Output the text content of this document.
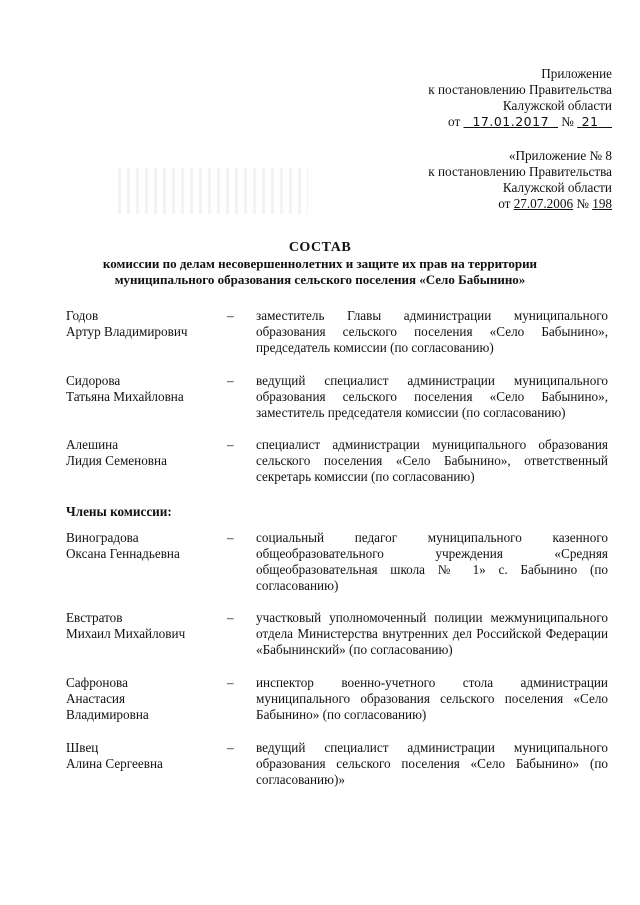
Приложение
к постановлению Правительства
Калужской области
от 17.01.2017 № 21
«Приложение № 8
к постановлению Правительства
Калужской области
от 27.07.2006 № 198
СОСТАВ
комиссии по делам несовершеннолетних и защите их прав на территории
муниципального образования сельского поселения «Село Бабынино»
Годов
Артур Владимирович
– заместитель Главы администрации муниципального образования сельского поселения «Село Бабынино», председатель комиссии (по согласованию)
Сидорова
Татьяна Михайловна
– ведущий специалист администрации муниципального образования сельского поселения «Село Бабынино», заместитель председателя комиссии (по согласованию)
Алешина
Лидия Семеновна
– специалист администрации муниципального образования сельского поселения «Село Бабынино», ответственный секретарь комиссии (по согласованию)
Члены комиссии:
Виноградова
Оксана Геннадьевна
– социальный педагог муниципального казенного общеобразовательного учреждения «Средняя общеобразовательная школа № 1» с. Бабынино (по согласованию)
Евстратов
Михаил Михайлович
– участковый уполномоченный полиции межмуниципального отдела Министерства внутренних дел Российской Федерации «Бабынинский» (по согласованию)
Сафронова
Анастасия
Владимировна
– инспектор военно-учетного стола администрации муниципального образования сельского поселения «Село Бабынино» (по согласованию)
Швец
Алина Сергеевна
– ведущий специалист администрации муниципального образования сельского поселения «Село Бабынино» (по согласованию)»
